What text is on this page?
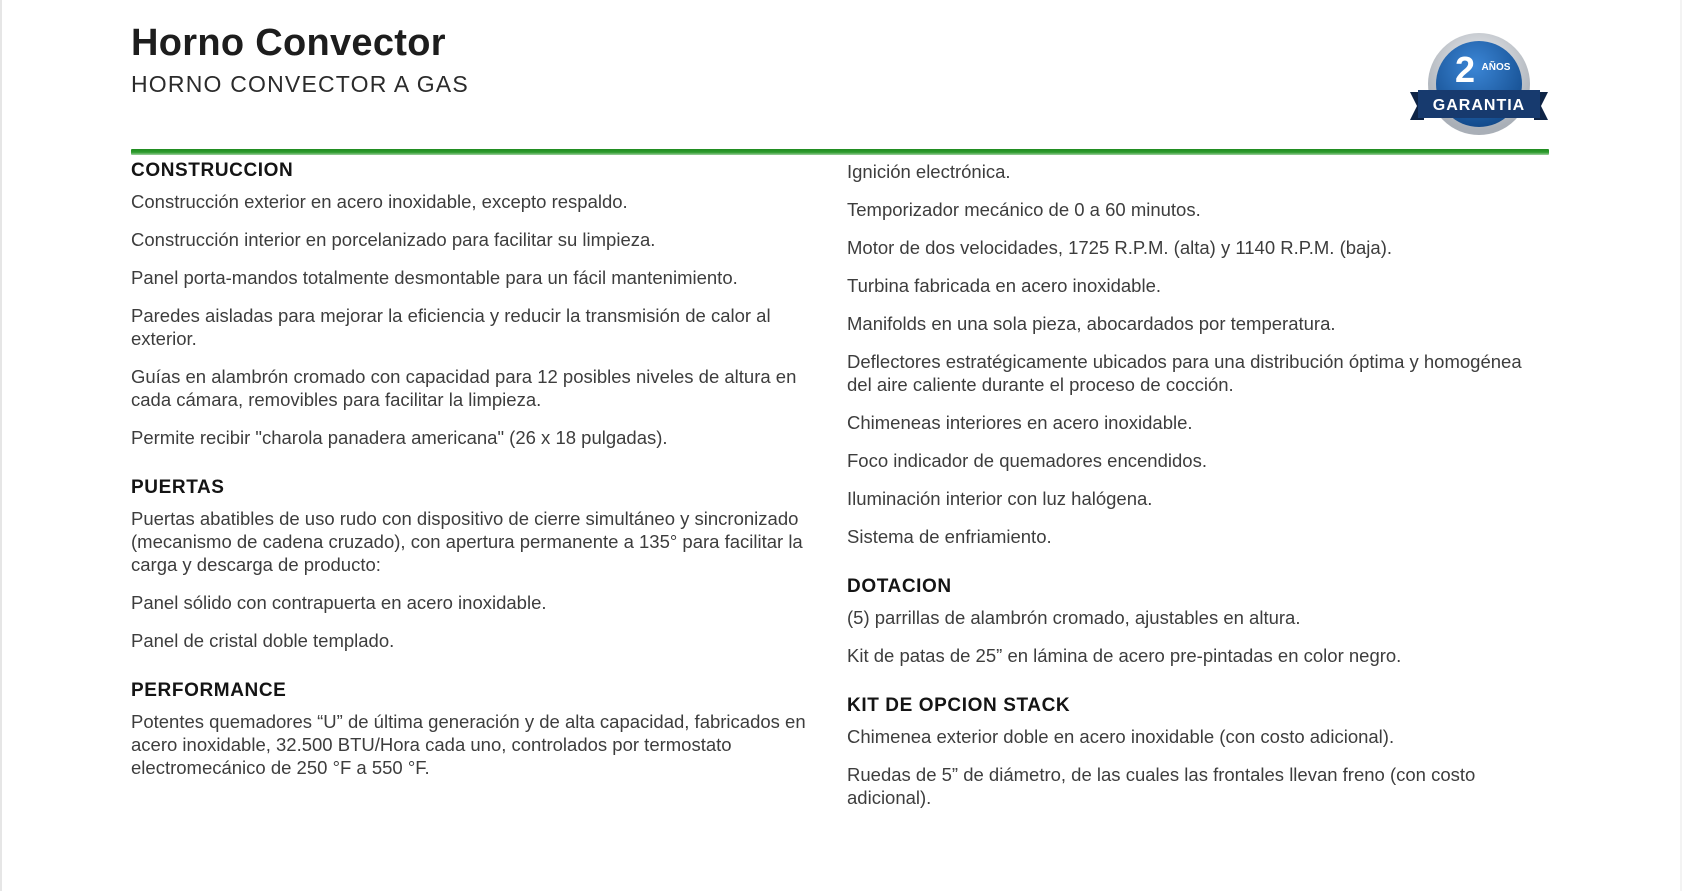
Horno Convector
HORNO CONVECTOR A GAS	2 AÑOS
GARANTIA
CONSTRUCCION
Construcción exterior en acero inoxidable, excepto respaldo.
Construcción interior en porcelanizado para facilitar su limpieza.
Panel porta-mandos totalmente desmontable para un fácil mantenimiento.
Paredes aisladas para mejorar la eficiencia y reducir la transmisión de calor al exterior.
Guías en alambrón cromado con capacidad para 12 posibles niveles de altura en cada cámara, removibles para facilitar la limpieza.
Permite recibir "charola panadera americana" (26 x 18 pulgadas).
PUERTAS
Puertas abatibles de uso rudo con dispositivo de cierre simultáneo y sincronizado (mecanismo de cadena cruzado), con apertura permanente a 135° para facilitar la carga y descarga de producto:
Panel sólido con contrapuerta en acero inoxidable.
Panel de cristal doble templado.
PERFORMANCE
Potentes quemadores “U” de última generación y de alta capacidad, fabricados en acero inoxidable, 32.500 BTU/Hora cada uno, controlados por termostato electromecánico de 250 °F a 550 °F.
Ignición electrónica.
Temporizador mecánico de 0 a 60 minutos.
Motor de dos velocidades, 1725 R.P.M. (alta) y 1140 R.P.M. (baja).
Turbina fabricada en acero inoxidable.
Manifolds en una sola pieza, abocardados por temperatura.
Deflectores estratégicamente ubicados para una distribución óptima y homogénea del aire caliente durante el proceso de cocción.
Chimeneas interiores en acero inoxidable.
Foco indicador de quemadores encendidos.
Iluminación interior con luz halógena.
Sistema de enfriamiento.
DOTACION
(5) parrillas de alambrón cromado, ajustables en altura.
Kit de patas de 25” en lámina de acero pre-pintadas en color negro.
KIT DE OPCION STACK
Chimenea exterior doble en acero inoxidable (con costo adicional).
Ruedas de 5” de diámetro, de las cuales las frontales llevan freno (con costo adicional).
